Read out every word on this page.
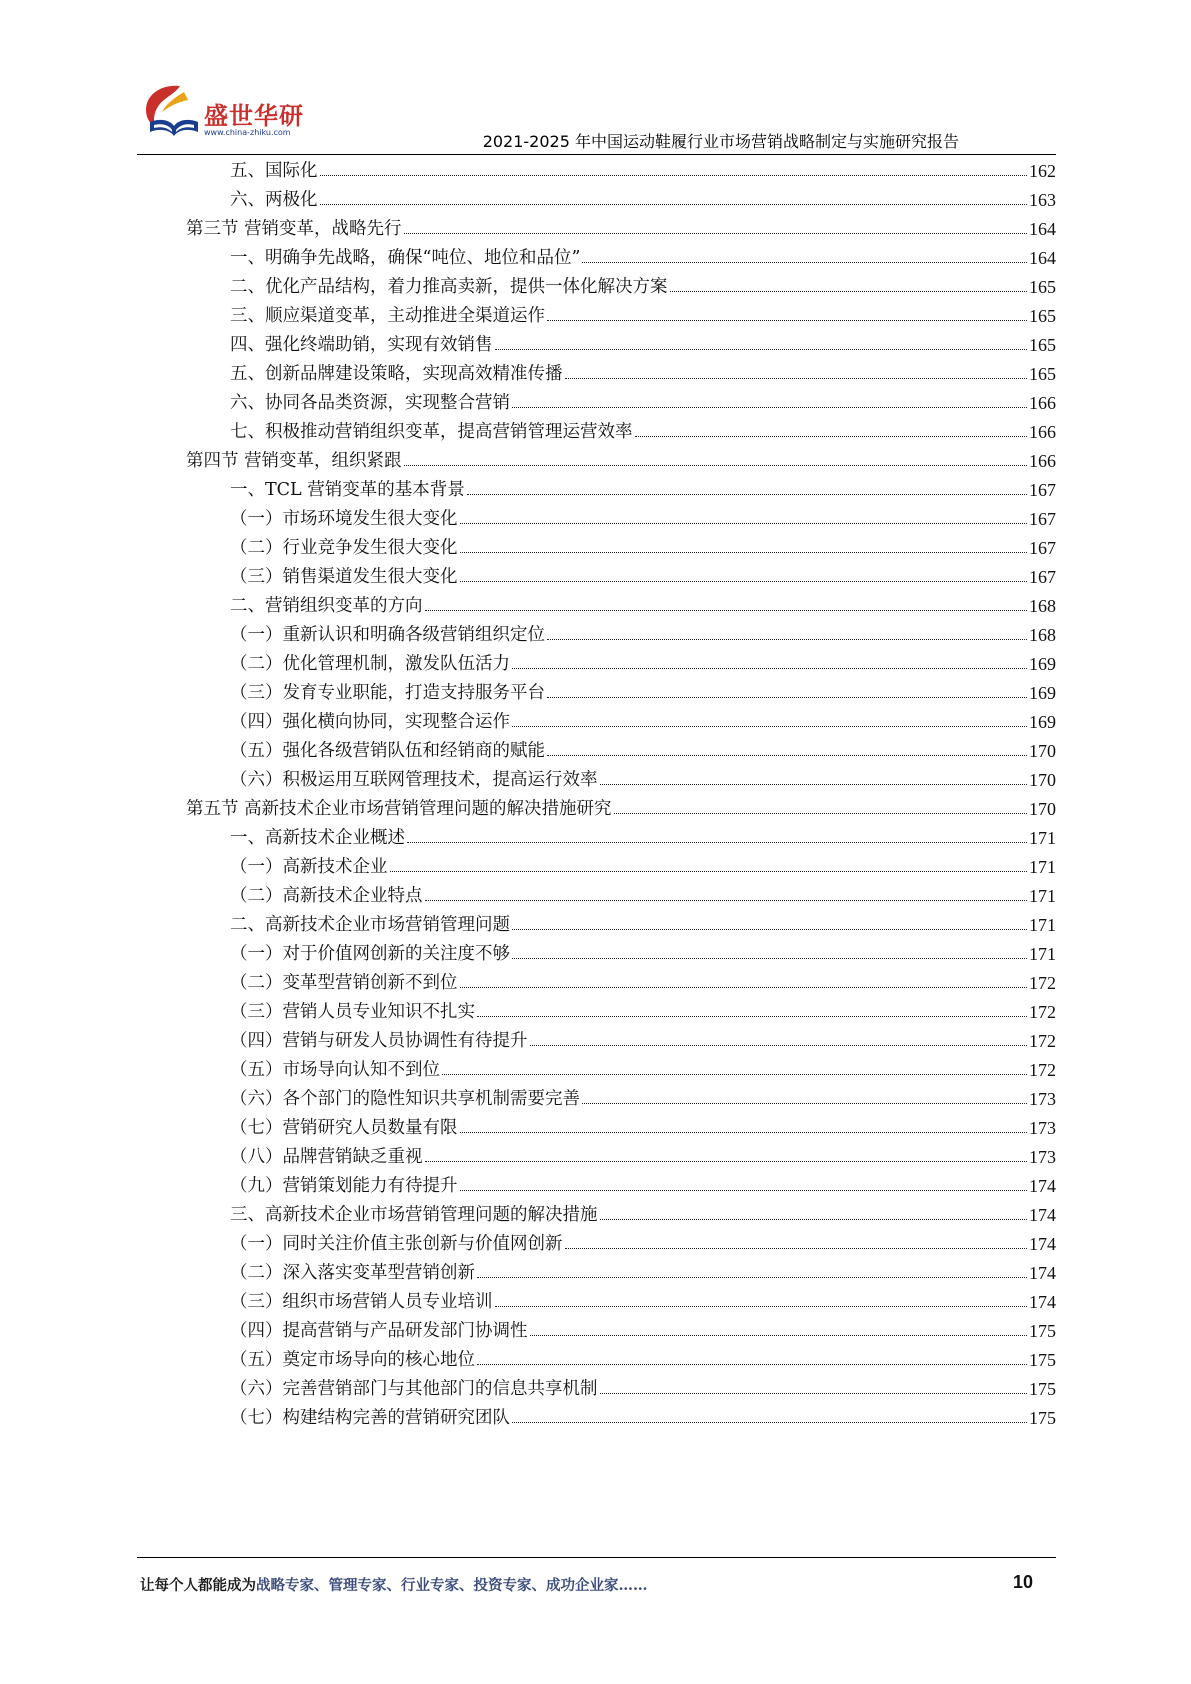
盛世华研
www.china-zhiku.com	2021-2025 年中国运动鞋履行业市场营销战略制定与实施研究报告
五、国际化	162
六、两极化	163
第三节 营销变革，战略先行	164
一、明确争先战略，确保“吨位、地位和品位”	164
二、优化产品结构，着力推高卖新，提供一体化解决方案	165
三、顺应渠道变革，主动推进全渠道运作	165
四、强化终端助销，实现有效销售	165
五、创新品牌建设策略，实现高效精准传播	165
六、协同各品类资源，实现整合营销	166
七、积极推动营销组织变革，提高营销管理运营效率	166
第四节 营销变革，组织紧跟	166
一、TCL 营销变革的基本背景	167
（一）市场环境发生很大变化	167
（二）行业竞争发生很大变化	167
（三）销售渠道发生很大变化	167
二、营销组织变革的方向	168
（一）重新认识和明确各级营销组织定位	168
（二）优化管理机制，激发队伍活力	169
（三）发育专业职能，打造支持服务平台	169
（四）强化横向协同，实现整合运作	169
（五）强化各级营销队伍和经销商的赋能	170
（六）积极运用互联网管理技术，提高运行效率	170
第五节 高新技术企业市场营销管理问题的解决措施研究	170
一、高新技术企业概述	171
（一）高新技术企业	171
（二）高新技术企业特点	171
二、高新技术企业市场营销管理问题	171
（一）对于价值网创新的关注度不够	171
（二）变革型营销创新不到位	172
（三）营销人员专业知识不扎实	172
（四）营销与研发人员协调性有待提升	172
（五）市场导向认知不到位	172
（六）各个部门的隐性知识共享机制需要完善	173
（七）营销研究人员数量有限	173
（八）品牌营销缺乏重视	173
（九）营销策划能力有待提升	174
三、高新技术企业市场营销管理问题的解决措施	174
（一）同时关注价值主张创新与价值网创新	174
（二）深入落实变革型营销创新	174
（三）组织市场营销人员专业培训	174
（四）提高营销与产品研发部门协调性	175
（五）奠定市场导向的核心地位	175
（六）完善营销部门与其他部门的信息共享机制	175
（七）构建结构完善的营销研究团队	175
让每个人都能成为战略专家、管理专家、行业专家、投资专家、成功企业家……	10
